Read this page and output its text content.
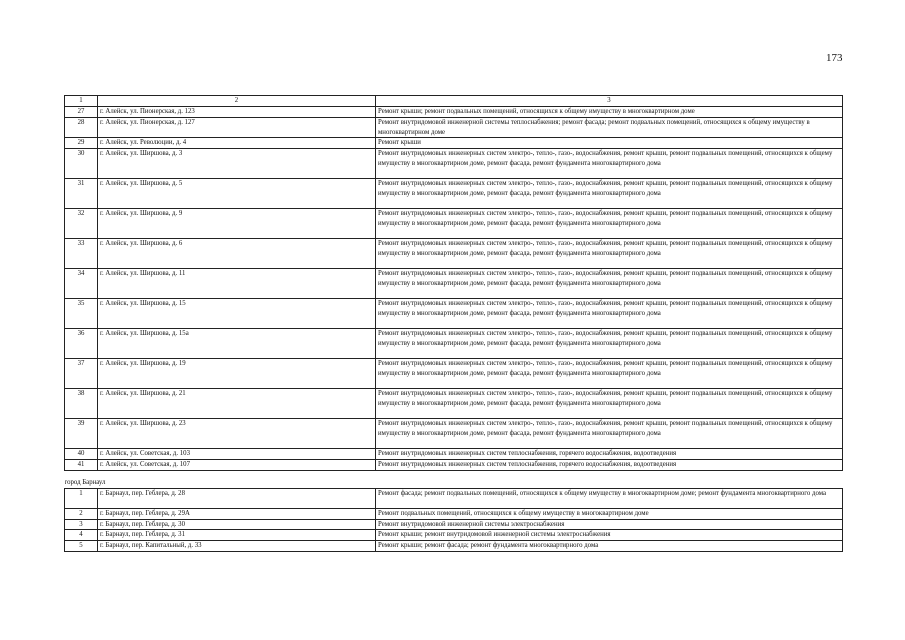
173
1	2	3
27	г. Алейск, ул. Пионерская, д. 123	Ремонт крыши; ремонт подвальных помещений, относящихся к общему имуществу в многоквартирном доме
28	г. Алейск, ул. Пионерская, д. 127	Ремонт внутридомовой инженерной системы теплоснабжения; ремонт фасада; ремонт подвальных помещений, относящихся к общему имуществу в многоквартирном доме
29	г. Алейск, ул. Революции, д. 4	Ремонт крыши
30	г. Алейск, ул. Ширшова, д. 3	Ремонт внутридомовых инженерных систем электро-, тепло-, газо-, водоснабжения, ремонт крыши, ремонт подвальных помещений, относящихся к общему имуществу в многоквартирном доме, ремонт фасада, ремонт фундамента многоквартирного дома
31	г. Алейск, ул. Ширшова, д. 5	Ремонт внутридомовых инженерных систем электро-, тепло-, газо-, водоснабжения, ремонт крыши, ремонт подвальных помещений, относящихся к общему имуществу в многоквартирном доме, ремонт фасада, ремонт фундамента многоквартирного дома
32	г. Алейск, ул. Ширшова, д. 9	Ремонт внутридомовых инженерных систем электро-, тепло-, газо-, водоснабжения, ремонт крыши, ремонт подвальных помещений, относящихся к общему имуществу в многоквартирном доме, ремонт фасада, ремонт фундамента многоквартирного дома
33	г. Алейск, ул. Ширшова, д. 6	Ремонт внутридомовых инженерных систем электро-, тепло-, газо-, водоснабжения, ремонт крыши, ремонт подвальных помещений, относящихся к общему имуществу в многоквартирном доме, ремонт фасада, ремонт фундамента многоквартирного дома
34	г. Алейск, ул. Ширшова, д. 11	Ремонт внутридомовых инженерных систем электро-, тепло-, газо-, водоснабжения, ремонт крыши, ремонт подвальных помещений, относящихся к общему имуществу в многоквартирном доме, ремонт фасада, ремонт фундамента многоквартирного дома
35	г. Алейск, ул. Ширшова, д. 15	Ремонт внутридомовых инженерных систем электро-, тепло-, газо-, водоснабжения, ремонт крыши, ремонт подвальных помещений, относящихся к общему имуществу в многоквартирном доме, ремонт фасада, ремонт фундамента многоквартирного дома
36	г. Алейск, ул. Ширшова, д. 15а	Ремонт внутридомовых инженерных систем электро-, тепло-, газо-, водоснабжения, ремонт крыши, ремонт подвальных помещений, относящихся к общему имуществу в многоквартирном доме, ремонт фасада, ремонт фундамента многоквартирного дома
37	г. Алейск, ул. Ширшова, д. 19	Ремонт внутридомовых инженерных систем электро-, тепло-, газо-, водоснабжения, ремонт крыши, ремонт подвальных помещений, относящихся к общему имуществу в многоквартирном доме, ремонт фасада, ремонт фундамента многоквартирного дома
38	г. Алейск, ул. Ширшова, д. 21	Ремонт внутридомовых инженерных систем электро-, тепло-, газо-, водоснабжения, ремонт крыши, ремонт подвальных помещений, относящихся к общему имуществу в многоквартирном доме, ремонт фасада, ремонт фундамента многоквартирного дома
39	г. Алейск, ул. Ширшова, д. 23	Ремонт внутридомовых инженерных систем электро-, тепло-, газо-, водоснабжения, ремонт крыши, ремонт подвальных помещений, относящихся к общему имуществу в многоквартирном доме, ремонт фасада, ремонт фундамента многоквартирного дома
40	г. Алейск, ул. Советская, д. 103	Ремонт внутридомовых инженерных систем теплоснабжения, горячего водоснабжения, водоотведения
41	г. Алейск, ул. Советская, д. 107	Ремонт внутридомовых инженерных систем теплоснабжения, горячего водоснабжения, водоотведения

город Барнаул		

1	г. Барнаул, пер. Геблера, д. 28	Ремонт фасада; ремонт подвальных помещений, относящихся к общему имуществу в многоквартирном доме; ремонт фундамента многоквартирного дома
2	г. Барнаул, пер. Геблера, д. 29А	Ремонт подвальных помещений, относящихся к общему имуществу в многоквартирном доме
3	г. Барнаул, пер. Геблера, д. 30	Ремонт внутридомовой инженерной системы электроснабжения
4	г. Барнаул, пер. Геблера, д. 31	Ремонт крыши; ремонт внутридомовой инженерной системы электроснабжения
5	г. Барнаул, пер. Капитальный, д. 33	Ремонт крыши; ремонт фасада; ремонт фундамента многоквартирного дома
